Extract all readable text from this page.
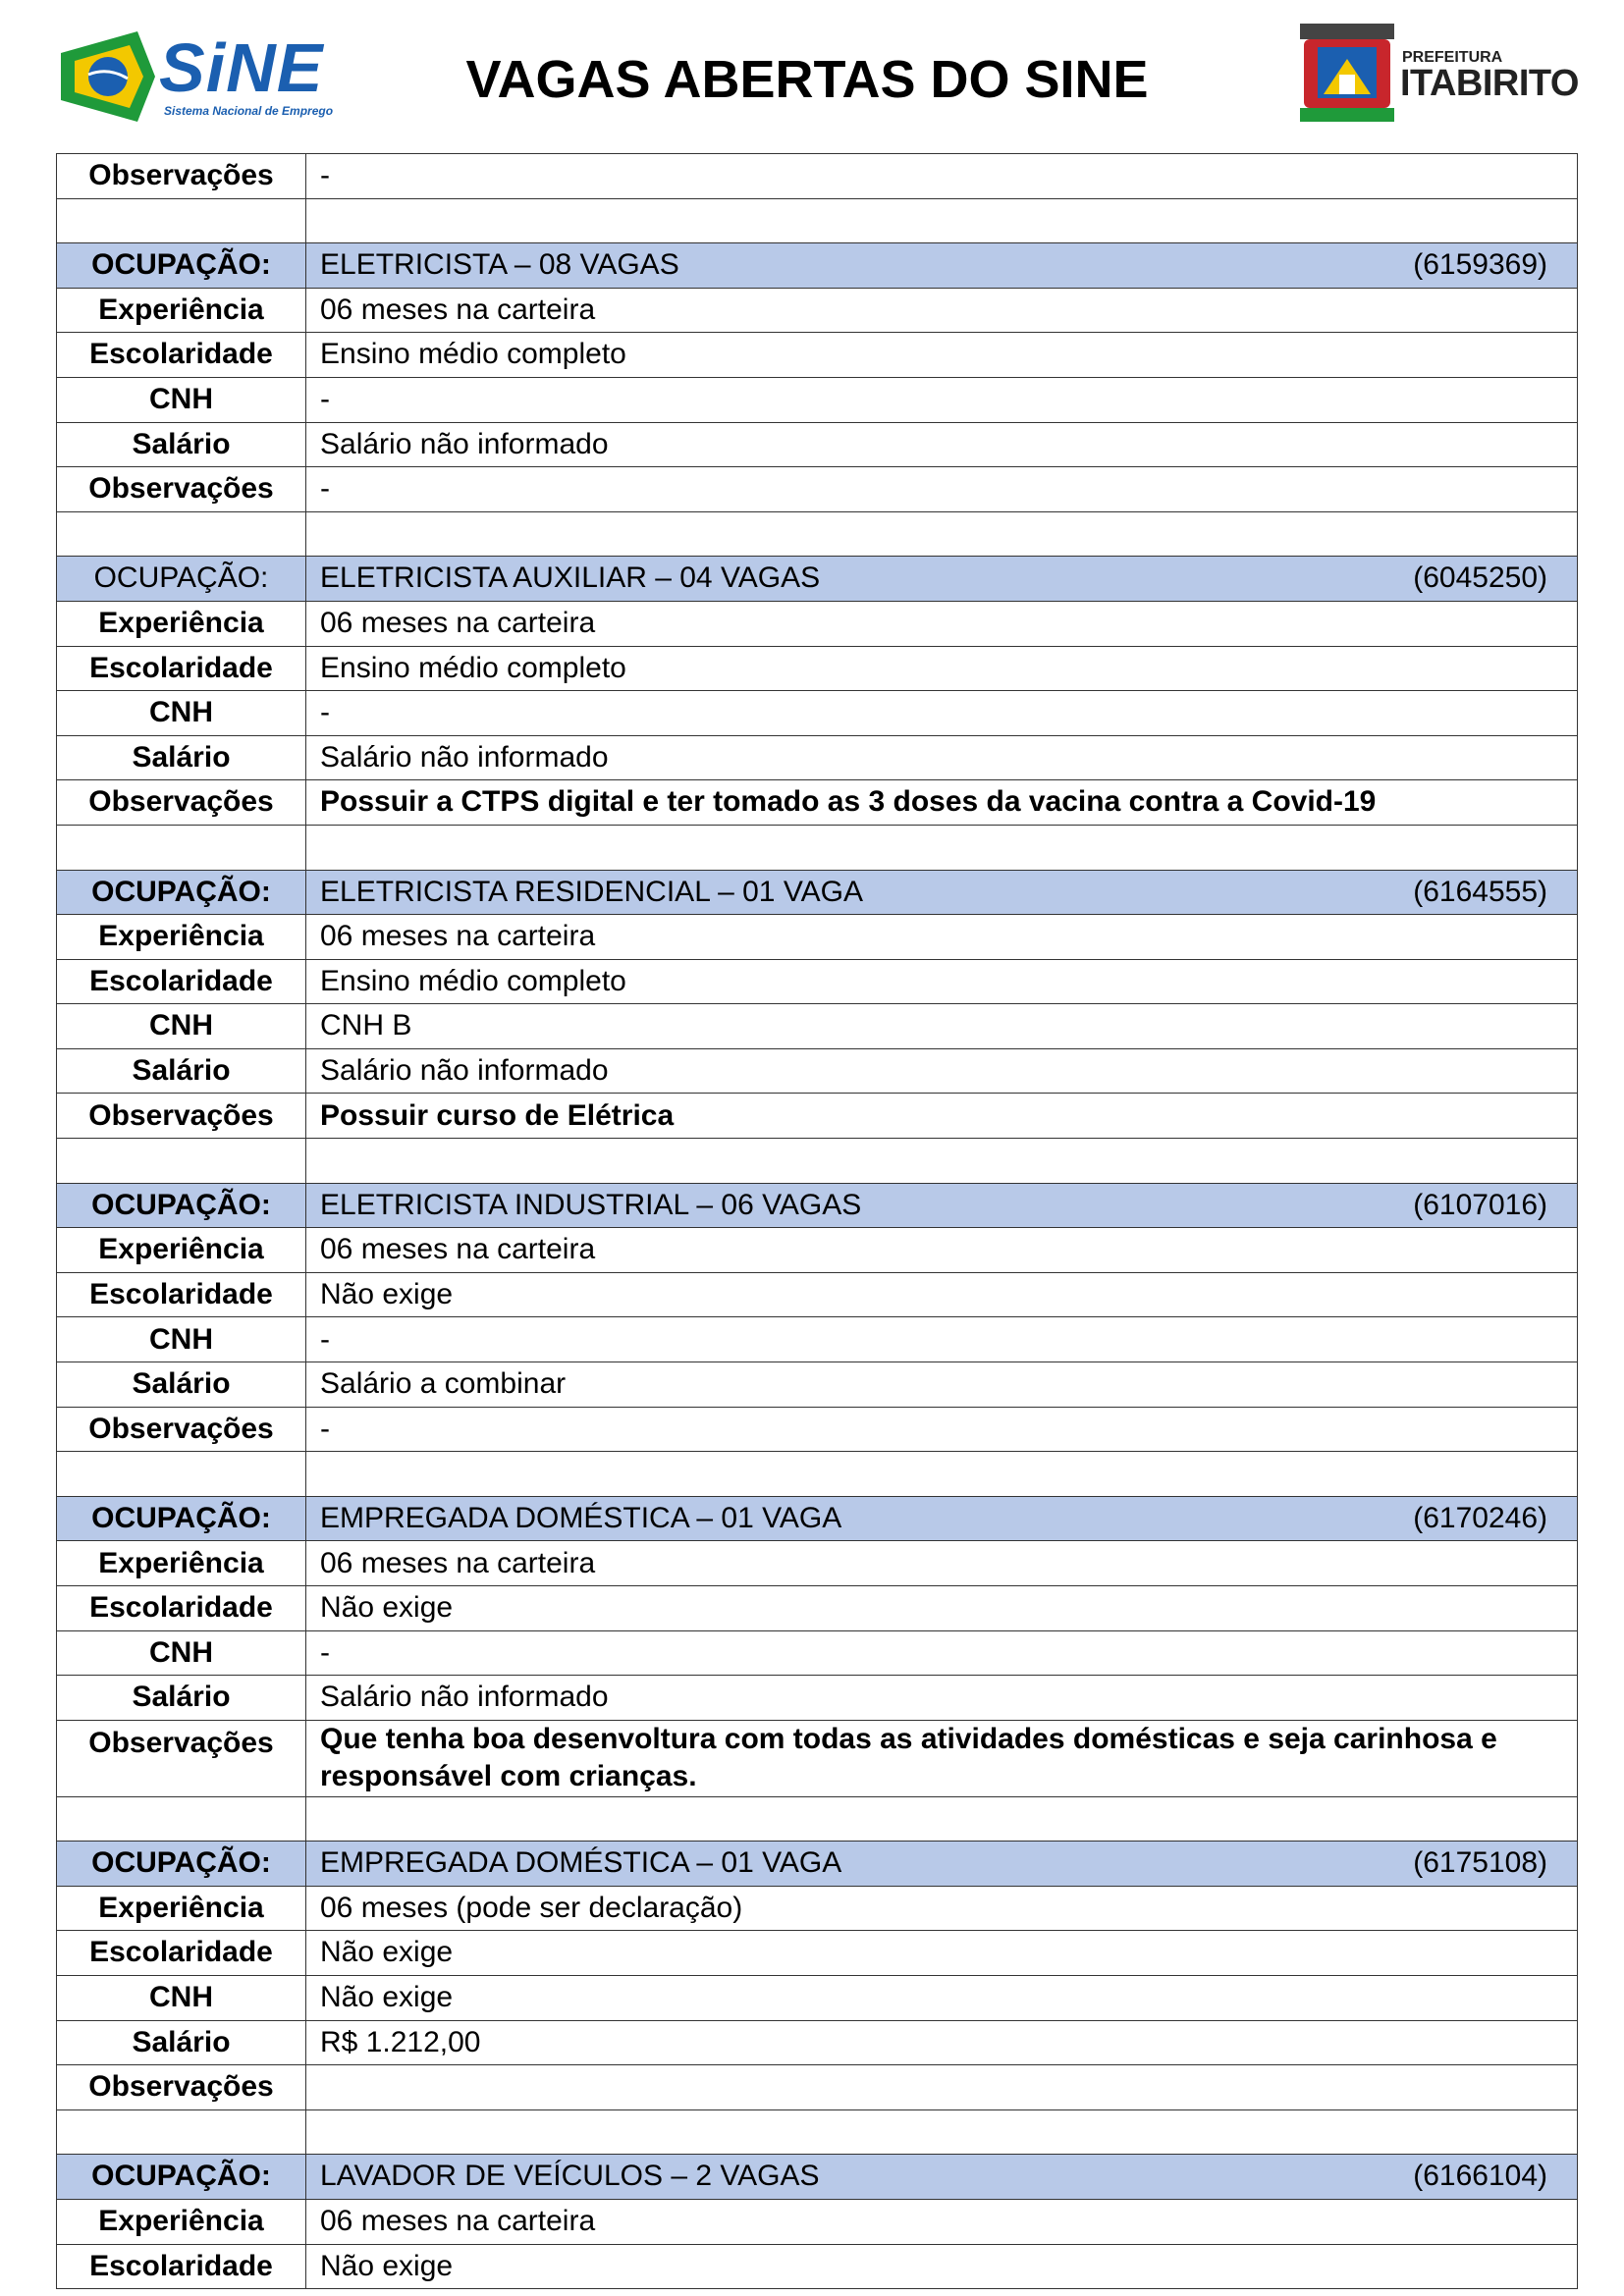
SiNE
Sistema Nacional de Emprego
VAGAS ABERTAS DO SINE	PREFEITURA
ITABIRITO
Observações	-

OCUPAÇÃO:	ELETRICISTA – 08 VAGAS (6159369)

Experiência	06 meses na carteira
Escolaridade	Ensino médio completo
CNH	-
Salário	Salário não informado
Observações	-

OCUPAÇÃO:	ELETRICISTA AUXILIAR – 04 VAGAS (6045250)

Experiência	06 meses na carteira
Escolaridade	Ensino médio completo
CNH	-
Salário	Salário não informado
Observações	Possuir a CTPS digital e ter tomado as 3 doses da vacina contra a Covid-19

OCUPAÇÃO:	ELETRICISTA RESIDENCIAL – 01 VAGA (6164555)

Experiência	06 meses na carteira
Escolaridade	Ensino médio completo
CNH	CNH B
Salário	Salário não informado
Observações	Possuir curso de Elétrica

OCUPAÇÃO:	ELETRICISTA INDUSTRIAL – 06 VAGAS (6107016)

Experiência	06 meses na carteira
Escolaridade	Não exige
CNH	-
Salário	Salário a combinar
Observações	-

OCUPAÇÃO:	EMPREGADA DOMÉSTICA – 01 VAGA (6170246)

Experiência	06 meses na carteira
Escolaridade	Não exige
CNH	-
Salário	Salário não informado
Observações	Que tenha boa desenvoltura com todas as atividades domésticas e seja carinhosa e responsável com crianças.

OCUPAÇÃO:	EMPREGADA DOMÉSTICA – 01 VAGA (6175108)

Experiência	06 meses (pode ser declaração)
Escolaridade	Não exige
CNH	Não exige
Salário	R$ 1.212,00
Observações	

OCUPAÇÃO:	LAVADOR DE VEÍCULOS – 2 VAGAS (6166104)

Experiência	06 meses na carteira
Escolaridade	Não exige
